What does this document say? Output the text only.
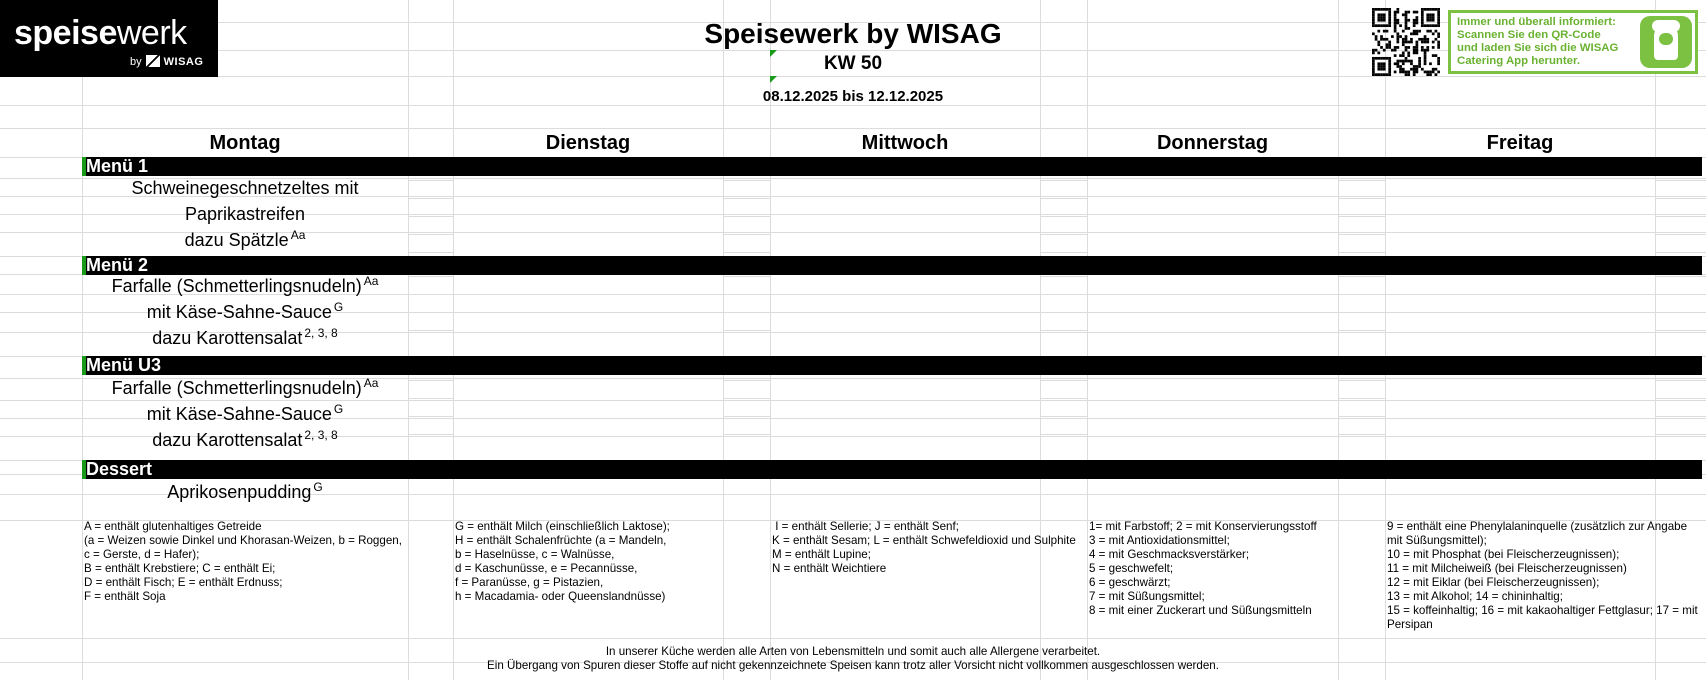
speisewerk
by WISAG
Speisewerk by WISAG
KW 50
08.12.2025 bis 12.12.2025
Immer und überall informiert:
Scannen Sie den QR-Code
und laden Sie sich die WISAG
Catering App herunter.
Montag	Dienstag	Mittwoch	Donnerstag	Freitag
Menü 1
Schweinegeschnetzeltes mit
Paprikastreifen
dazu Spätzle $^{Aa}$
Menü 2
Farfalle (Schmetterlingsnudeln) $^{Aa}$
mit Käse-Sahne-Sauce $^G$
dazu Karottensalat $^{2, 3, 8}$
Menü U3
Farfalle (Schmetterlingsnudeln) $^{Aa}$
mit Käse-Sahne-Sauce $^G$
dazu Karottensalat $^{2, 3, 8}$
Dessert
Aprikosenpudding $^G$
A = enthält glutenhaltiges Getreide
(a = Weizen sowie Dinkel und Khorasan-Weizen, b = Roggen,
c = Gerste, d = Hafer);
B = enthält Krebstiere; C = enthält Ei;
D = enthält Fisch; E = enthält Erdnuss;
F = enthält Soja
G = enthält Milch (einschließlich Laktose);
H = enthält Schalenfrüchte (a = Mandeln,
b = Haselnüsse, c = Walnüsse,
d = Kaschunüsse, e = Pecannüsse,
f = Paranüsse, g = Pistazien,
h = Macadamia- oder Queenslandnüsse)
I = enthält Sellerie; J = enthält Senf;
K = enthält Sesam; L = enthält Schwefeldioxid und Sulphite
M = enthält Lupine;
N = enthält Weichtiere
1= mit Farbstoff; 2 = mit Konservierungsstoff
3 = mit Antioxidationsmittel;
4 = mit Geschmacksverstärker;
5 = geschwefelt;
6 = geschwärzt;
7 = mit Süßungsmittel;
8 = mit einer Zuckerart und Süßungsmitteln
9 = enthält eine Phenylalaninquelle (zusätzlich zur Angabe
mit Süßungsmittel);
10 = mit Phosphat (bei Fleischerzeugnissen);
11 = mit Milcheiweiß (bei Fleischerzeugnissen)
12 = mit Eiklar (bei Fleischerzeugnissen);
13 = mit Alkohol; 14 = chininhaltig;
15 = koffeinhaltig; 16 = mit kakaohaltiger Fettglasur; 17 = mit
Persipan
In unserer Küche werden alle Arten von Lebensmitteln und somit auch alle Allergene verarbeitet.
Ein Übergang von Spuren dieser Stoffe auf nicht gekennzeichnete Speisen kann trotz aller Vorsicht nicht vollkommen ausgeschlossen werden.
